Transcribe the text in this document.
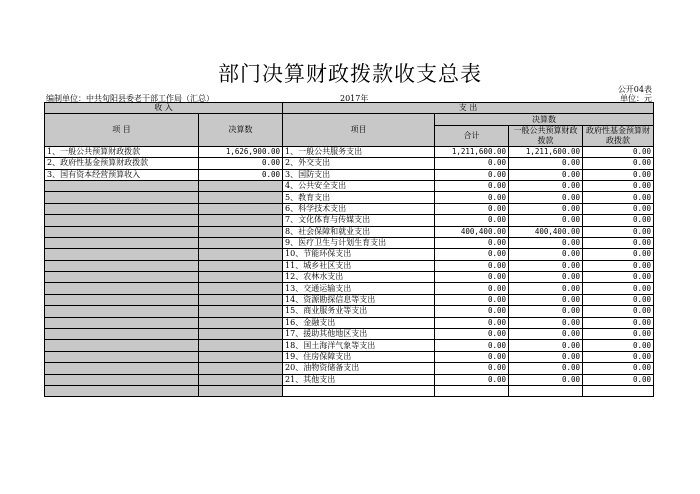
部门决算财政拨款收支总表
公开04表
编制单位：中共旬阳县委老干部工作局（汇总）	2017年	单位：元
收 入		支 出			
项 目	决算数	项目	决算数		
			合计	一般公共预算财政拨款	政府性基金预算财政拨款

1、一般公共预算财政拨款	1,626,900.00	1、一般公共服务支出	1,211,600.00	1,211,600.00	0.00
2、政府性基金预算财政拨款	0.00	2、外交支出	0.00	0.00	0.00
3、国有资本经营预算收入	0.00	3、国防支出	0.00	0.00	0.00
		4、公共安全支出	0.00	0.00	0.00
		5、教育支出	0.00	0.00	0.00
		6、科学技术支出	0.00	0.00	0.00
		7、文化体育与传媒支出	0.00	0.00	0.00
		8、社会保障和就业支出	400,400.00	400,400.00	0.00
		9、医疗卫生与计划生育支出	0.00	0.00	0.00
		10、节能环保支出	0.00	0.00	0.00
		11、城乡社区支出	0.00	0.00	0.00
		12、农林水支出	0.00	0.00	0.00
		13、交通运输支出	0.00	0.00	0.00
		14、资源勘探信息等支出	0.00	0.00	0.00
		15、商业服务业等支出	0.00	0.00	0.00
		16、金融支出	0.00	0.00	0.00
		17、援助其他地区支出	0.00	0.00	0.00
		18、国土海洋气象等支出	0.00	0.00	0.00
		19、住房保障支出	0.00	0.00	0.00
		20、油物资储备支出	0.00	0.00	0.00
		21、其他支出	0.00	0.00	0.00
